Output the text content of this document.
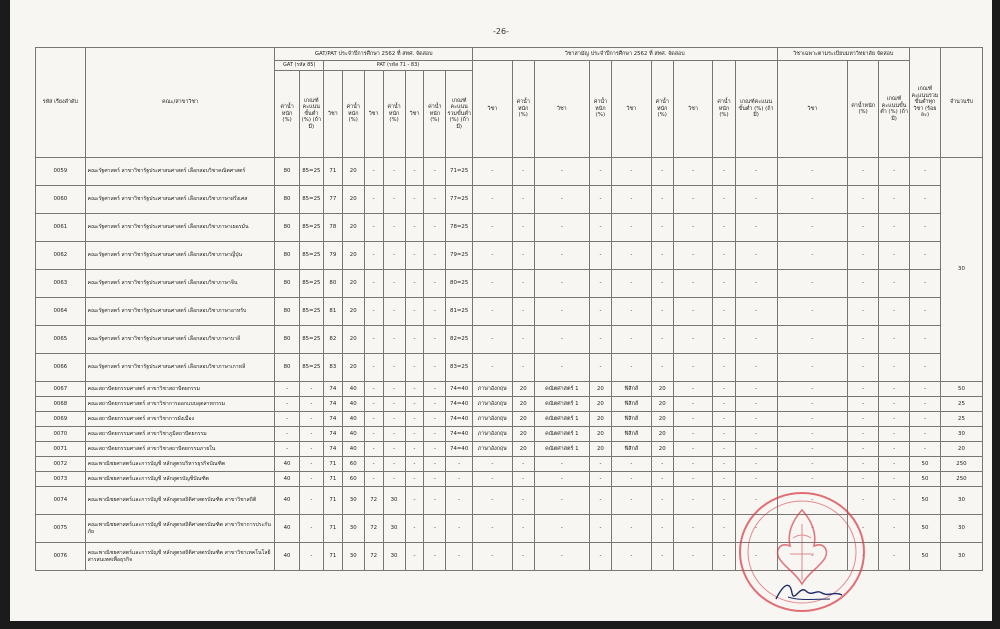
-26-
รหัส เรียงลำดับ	คณะ/สาขาวิชา	GAT/PAT ประจำปีการศึกษา 2562 ที่ สทศ. จัดสอบ									วิชาสามัญ ประจำปีการศึกษา 2562 ที่ สทศ. จัดสอบ									วิชาเฉพาะตามระเบียบมหาวิทยาลัย จัดสอบ			เกณฑ์คะแนนรวมขั้นต่ำทุกวิชา (ร้อยละ)	จำนวนรับ
		GAT (รหัส 85)		PAT (รหัส 71 - 83)							วิชา	ค่าน้ำหนัก (%)	วิชา	ค่าน้ำหนัก (%)	วิชา	ค่าน้ำหนัก (%)	วิชา	ค่าน้ำหนัก (%)	เกณฑ์คะแนนขั้นต่ำ (%) (ถ้ามี)	วิชา	ค่าน้ำหนัก (%)	เกณฑ์คะแนนขั้นต่ำ (%) (ถ้ามี)		
		ค่าน้ำหนัก (%)	เกณฑ์คะแนนขั้นต่ำ (%) (ถ้ามี)	วิชา	ค่าน้ำหนัก (%)	วิชา	ค่าน้ำหนัก (%)	วิชา	ค่าน้ำหนัก (%)	เกณฑ์คะแนนรวมขั้นต่ำ (%) (ถ้ามี)														
0059	คณะรัฐศาสตร์ สาขาวิชารัฐประศาสนศาสตร์ เลือกสอบวิชาคณิตศาสตร์	80	85=25	71	20	-	-	-	-	71=25	-	-	-	-	-	-	-	-	-	-	-	-	-	30
0060	คณะรัฐศาสตร์ สาขาวิชารัฐประศาสนศาสตร์ เลือกสอบวิชาภาษาฝรั่งเศส	80	85=25	77	20	-	-	-	-	77=25	-	-	-	-	-	-	-	-	-	-	-	-	-	
0061	คณะรัฐศาสตร์ สาขาวิชารัฐประศาสนศาสตร์ เลือกสอบวิชาภาษาเยอรมัน	80	85=25	78	20	-	-	-	-	78=25	-	-	-	-	-	-	-	-	-	-	-	-	-	
0062	คณะรัฐศาสตร์ สาขาวิชารัฐประศาสนศาสตร์ เลือกสอบวิชาภาษาญี่ปุ่น	80	85=25	79	20	-	-	-	-	79=25	-	-	-	-	-	-	-	-	-	-	-	-	-	
0063	คณะรัฐศาสตร์ สาขาวิชารัฐประศาสนศาสตร์ เลือกสอบวิชาภาษาจีน	80	85=25	80	20	-	-	-	-	80=25	-	-	-	-	-	-	-	-	-	-	-	-	-	
0064	คณะรัฐศาสตร์ สาขาวิชารัฐประศาสนศาสตร์ เลือกสอบวิชาภาษาอาหรับ	80	85=25	81	20	-	-	-	-	81=25	-	-	-	-	-	-	-	-	-	-	-	-	-	
0065	คณะรัฐศาสตร์ สาขาวิชารัฐประศาสนศาสตร์ เลือกสอบวิชาภาษาบาลี	80	85=25	82	20	-	-	-	-	82=25	-	-	-	-	-	-	-	-	-	-	-	-	-	
0066	คณะรัฐศาสตร์ สาขาวิชารัฐประศาสนศาสตร์ เลือกสอบวิชาภาษาเกาหลี	80	85=25	83	20	-	-	-	-	83=25	-	-	-	-	-	-	-	-	-	-	-	-	-	
0067	คณะสถาปัตยกรรมศาสตร์ สาขาวิชาสถาปัตยกรรม	-	-	74	40	-	-	-	-	74=40	ภาษาอังกฤษ	20	คณิตศาสตร์ 1	20	ฟิสิกส์	20	-	-	-	-	-	-	-	50
0068	คณะสถาปัตยกรรมศาสตร์ สาขาวิชาการออกแบบอุตสาหกรรม	-	-	74	40	-	-	-	-	74=40	ภาษาอังกฤษ	20	คณิตศาสตร์ 1	20	ฟิสิกส์	20	-	-	-	-	-	-	-	25
0069	คณะสถาปัตยกรรมศาสตร์ สาขาวิชาการผังเมือง	-	-	74	40	-	-	-	-	74=40	ภาษาอังกฤษ	20	คณิตศาสตร์ 1	20	ฟิสิกส์	20	-	-	-	-	-	-	-	25
0070	คณะสถาปัตยกรรมศาสตร์ สาขาวิชาภูมิสถาปัตยกรรม	-	-	74	40	-	-	-	-	74=40	ภาษาอังกฤษ	20	คณิตศาสตร์ 1	20	ฟิสิกส์	20	-	-	-	-	-	-	-	30
0071	คณะสถาปัตยกรรมศาสตร์ สาขาวิชาสถาปัตยกรรมภายใน	-	-	74	40	-	-	-	-	74=40	ภาษาอังกฤษ	20	คณิตศาสตร์ 1	20	ฟิสิกส์	20	-	-	-	-	-	-	-	20
0072	คณะพาณิชยศาสตร์และการบัญชี หลักสูตรบริหารธุรกิจบัณฑิต	40	-	71	60	-	-	-	-	-	-	-	-	-	-	-	-	-	-	-	-	-	50	250
0073	คณะพาณิชยศาสตร์และการบัญชี หลักสูตรบัญชีบัณฑิต	40	-	71	60	-	-	-	-	-	-	-	-	-	-	-	-	-	-	-	-	-	50	250
0074	คณะพาณิชยศาสตร์และการบัญชี หลักสูตรสถิติศาสตรบัณฑิต สาขาวิชาสถิติ	40	-	71	30	72	30	-	-	-	-	-	-	-	-	-	-	-	-	-	-	-	50	30
0075	คณะพาณิชยศาสตร์และการบัญชี หลักสูตรสถิติศาสตรบัณฑิต สาขาวิชาการประกันภัย	40	-	71	30	72	30	-	-	-	-	-	-	-	-	-	-	-	-	-	-	-	50	30
0076	คณะพาณิชยศาสตร์และการบัญชี หลักสูตรสถิติศาสตรบัณฑิต สาขาวิชาเทคโนโลยีสารสนเทศเพื่อธุรกิจ	40	-	71	30	72	30	-	-	-	-	-	-	-	-	-	-	-	-	-	-	-	50	30
